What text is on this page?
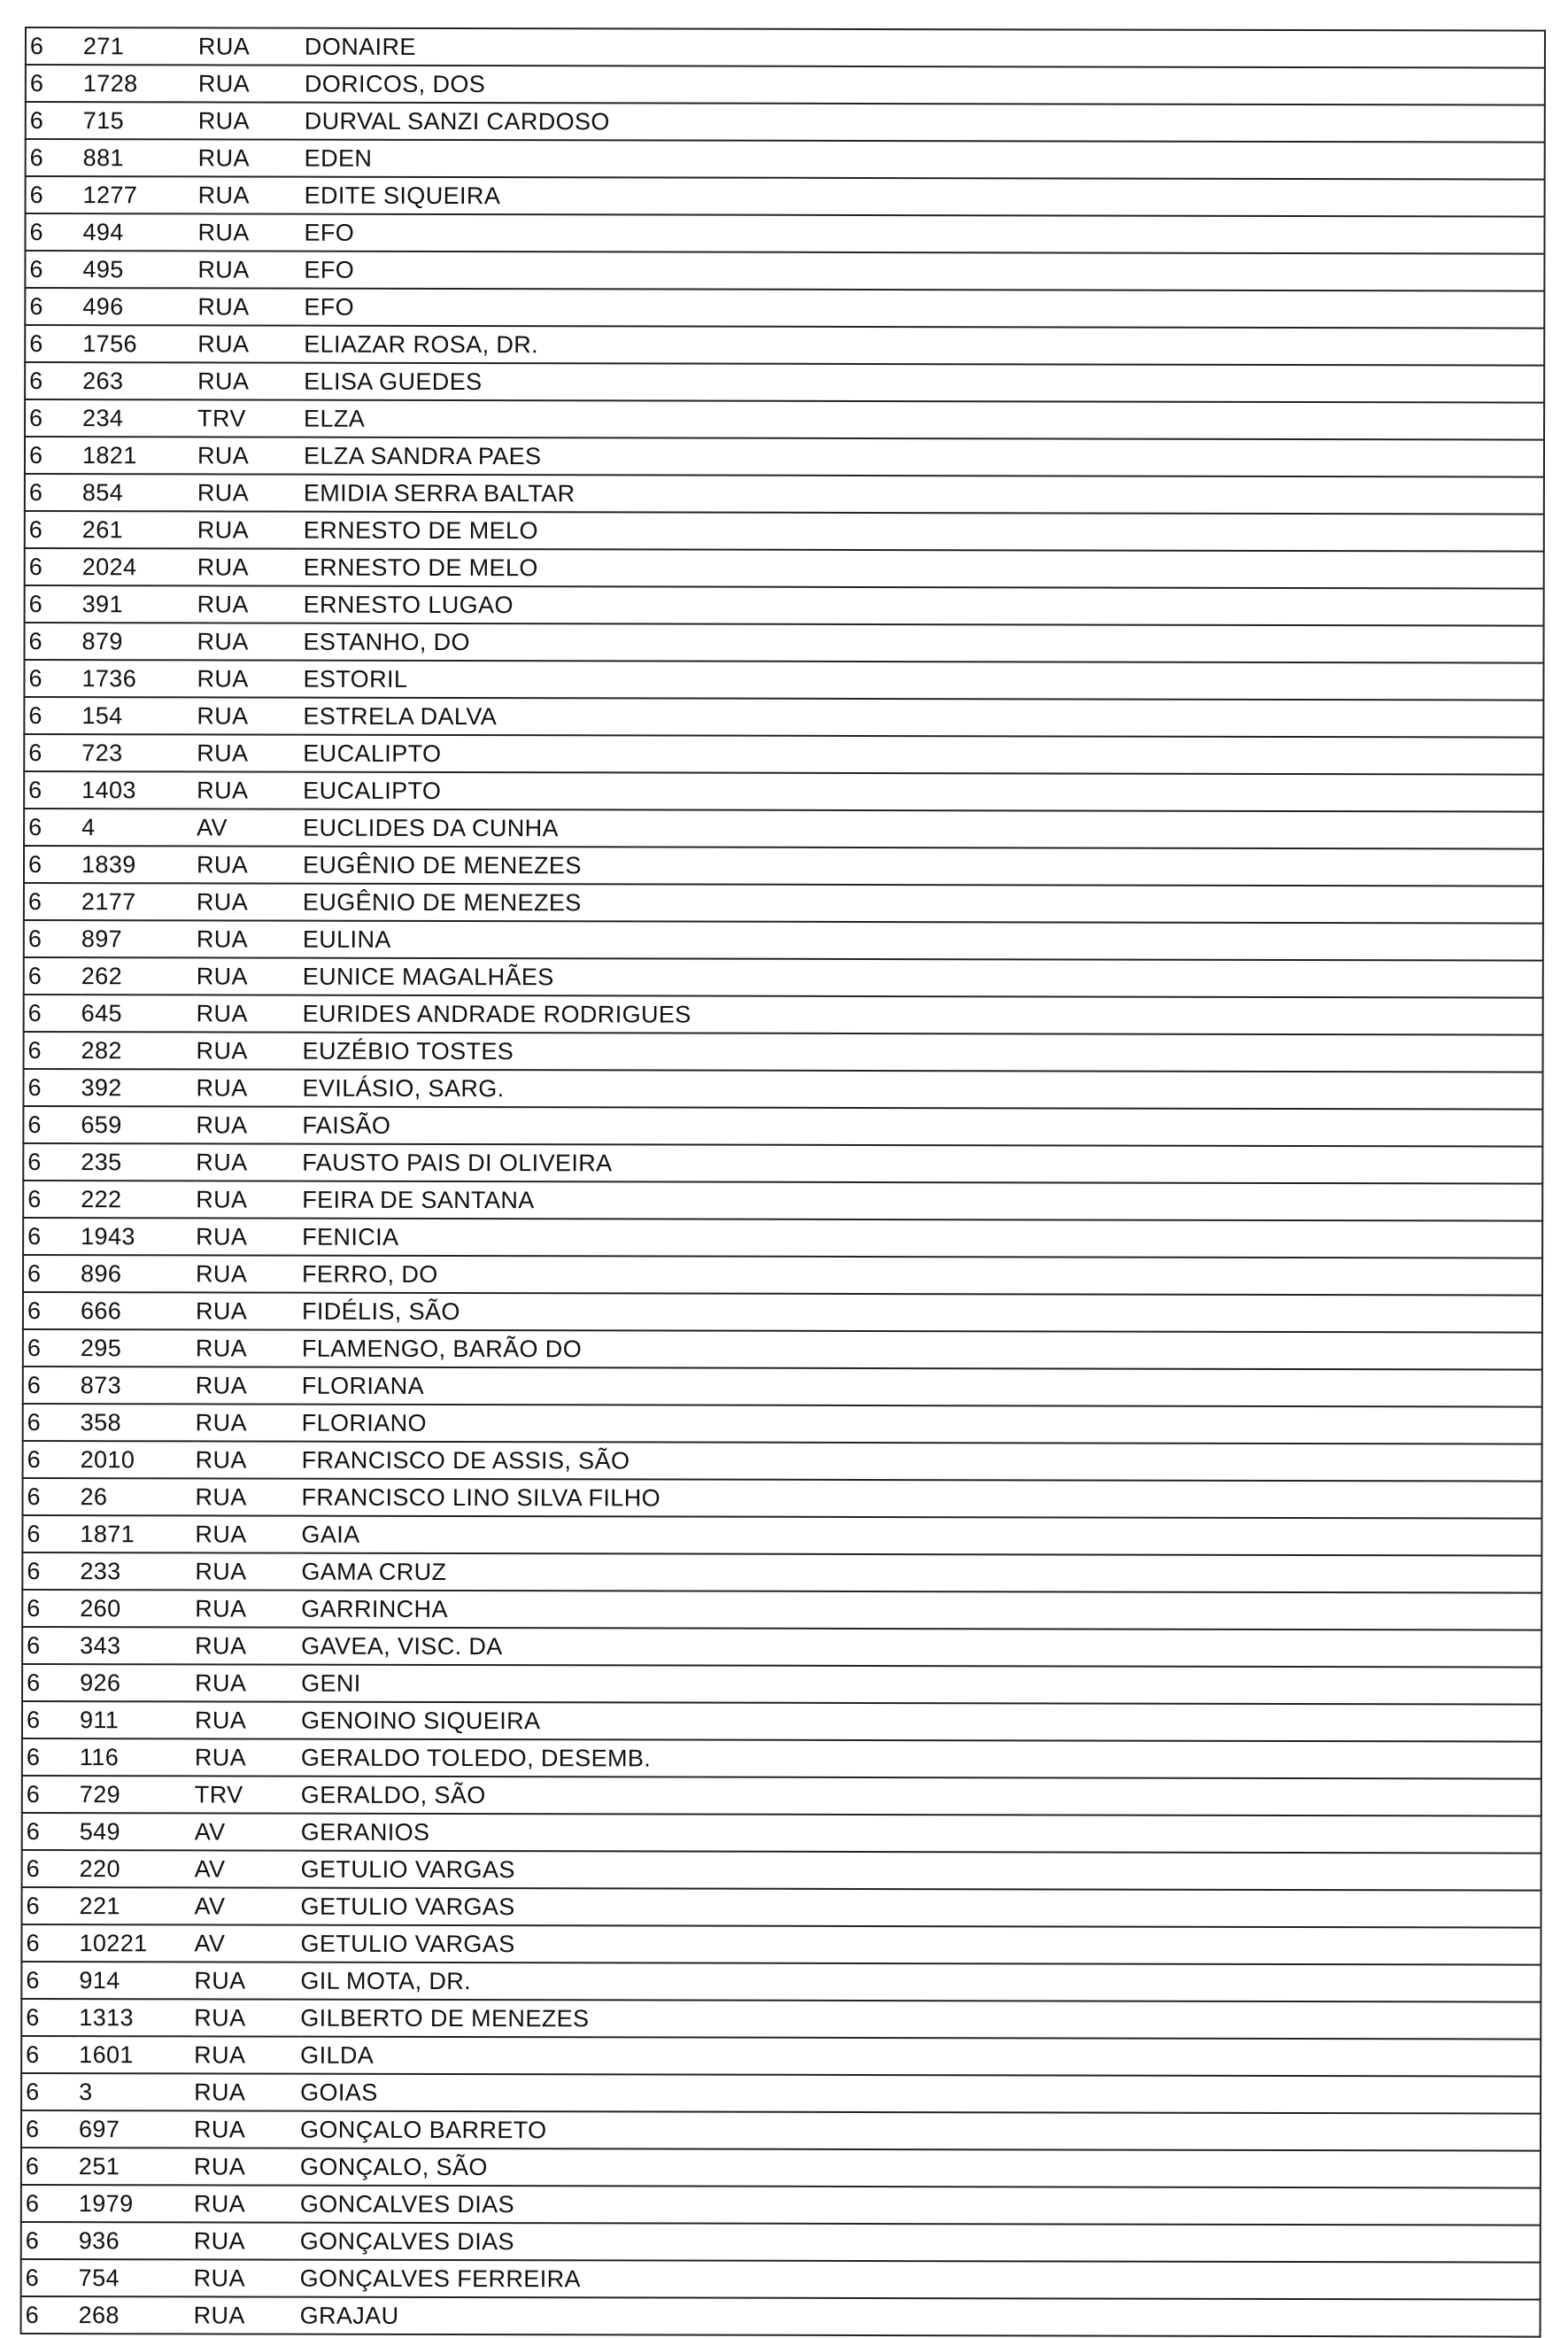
6	271	RUA	DONAIRE
6	1728	RUA	DORICOS, DOS
6	715	RUA	DURVAL SANZI CARDOSO
6	881	RUA	EDEN
6	1277	RUA	EDITE SIQUEIRA
6	494	RUA	EFO
6	495	RUA	EFO
6	496	RUA	EFO
6	1756	RUA	ELIAZAR ROSA, DR.
6	263	RUA	ELISA GUEDES
6	234	TRV	ELZA
6	1821	RUA	ELZA SANDRA PAES
6	854	RUA	EMIDIA SERRA BALTAR
6	261	RUA	ERNESTO DE MELO
6	2024	RUA	ERNESTO DE MELO
6	391	RUA	ERNESTO LUGAO
6	879	RUA	ESTANHO, DO
6	1736	RUA	ESTORIL
6	154	RUA	ESTRELA DALVA
6	723	RUA	EUCALIPTO
6	1403	RUA	EUCALIPTO
6	4	AV	EUCLIDES DA CUNHA
6	1839	RUA	EUGÊNIO DE MENEZES
6	2177	RUA	EUGÊNIO DE MENEZES
6	897	RUA	EULINA
6	262	RUA	EUNICE MAGALHÃES
6	645	RUA	EURIDES ANDRADE RODRIGUES
6	282	RUA	EUZÉBIO TOSTES
6	392	RUA	EVILÁSIO, SARG.
6	659	RUA	FAISÃO
6	235	RUA	FAUSTO PAIS DI OLIVEIRA
6	222	RUA	FEIRA DE SANTANA
6	1943	RUA	FENICIA
6	896	RUA	FERRO, DO
6	666	RUA	FIDÉLIS, SÃO
6	295	RUA	FLAMENGO, BARÃO DO
6	873	RUA	FLORIANA
6	358	RUA	FLORIANO
6	2010	RUA	FRANCISCO DE ASSIS, SÃO
6	26	RUA	FRANCISCO LINO SILVA FILHO
6	1871	RUA	GAIA
6	233	RUA	GAMA CRUZ
6	260	RUA	GARRINCHA
6	343	RUA	GAVEA, VISC. DA
6	926	RUA	GENI
6	911	RUA	GENOINO SIQUEIRA
6	116	RUA	GERALDO TOLEDO, DESEMB.
6	729	TRV	GERALDO, SÃO
6	549	AV	GERANIOS
6	220	AV	GETULIO VARGAS
6	221	AV	GETULIO VARGAS
6	10221	AV	GETULIO VARGAS
6	914	RUA	GIL MOTA, DR.
6	1313	RUA	GILBERTO DE MENEZES
6	1601	RUA	GILDA
6	3	RUA	GOIAS
6	697	RUA	GONÇALO BARRETO
6	251	RUA	GONÇALO, SÃO
6	1979	RUA	GONCALVES DIAS
6	936	RUA	GONÇALVES DIAS
6	754	RUA	GONÇALVES FERREIRA
6	268	RUA	GRAJAU
